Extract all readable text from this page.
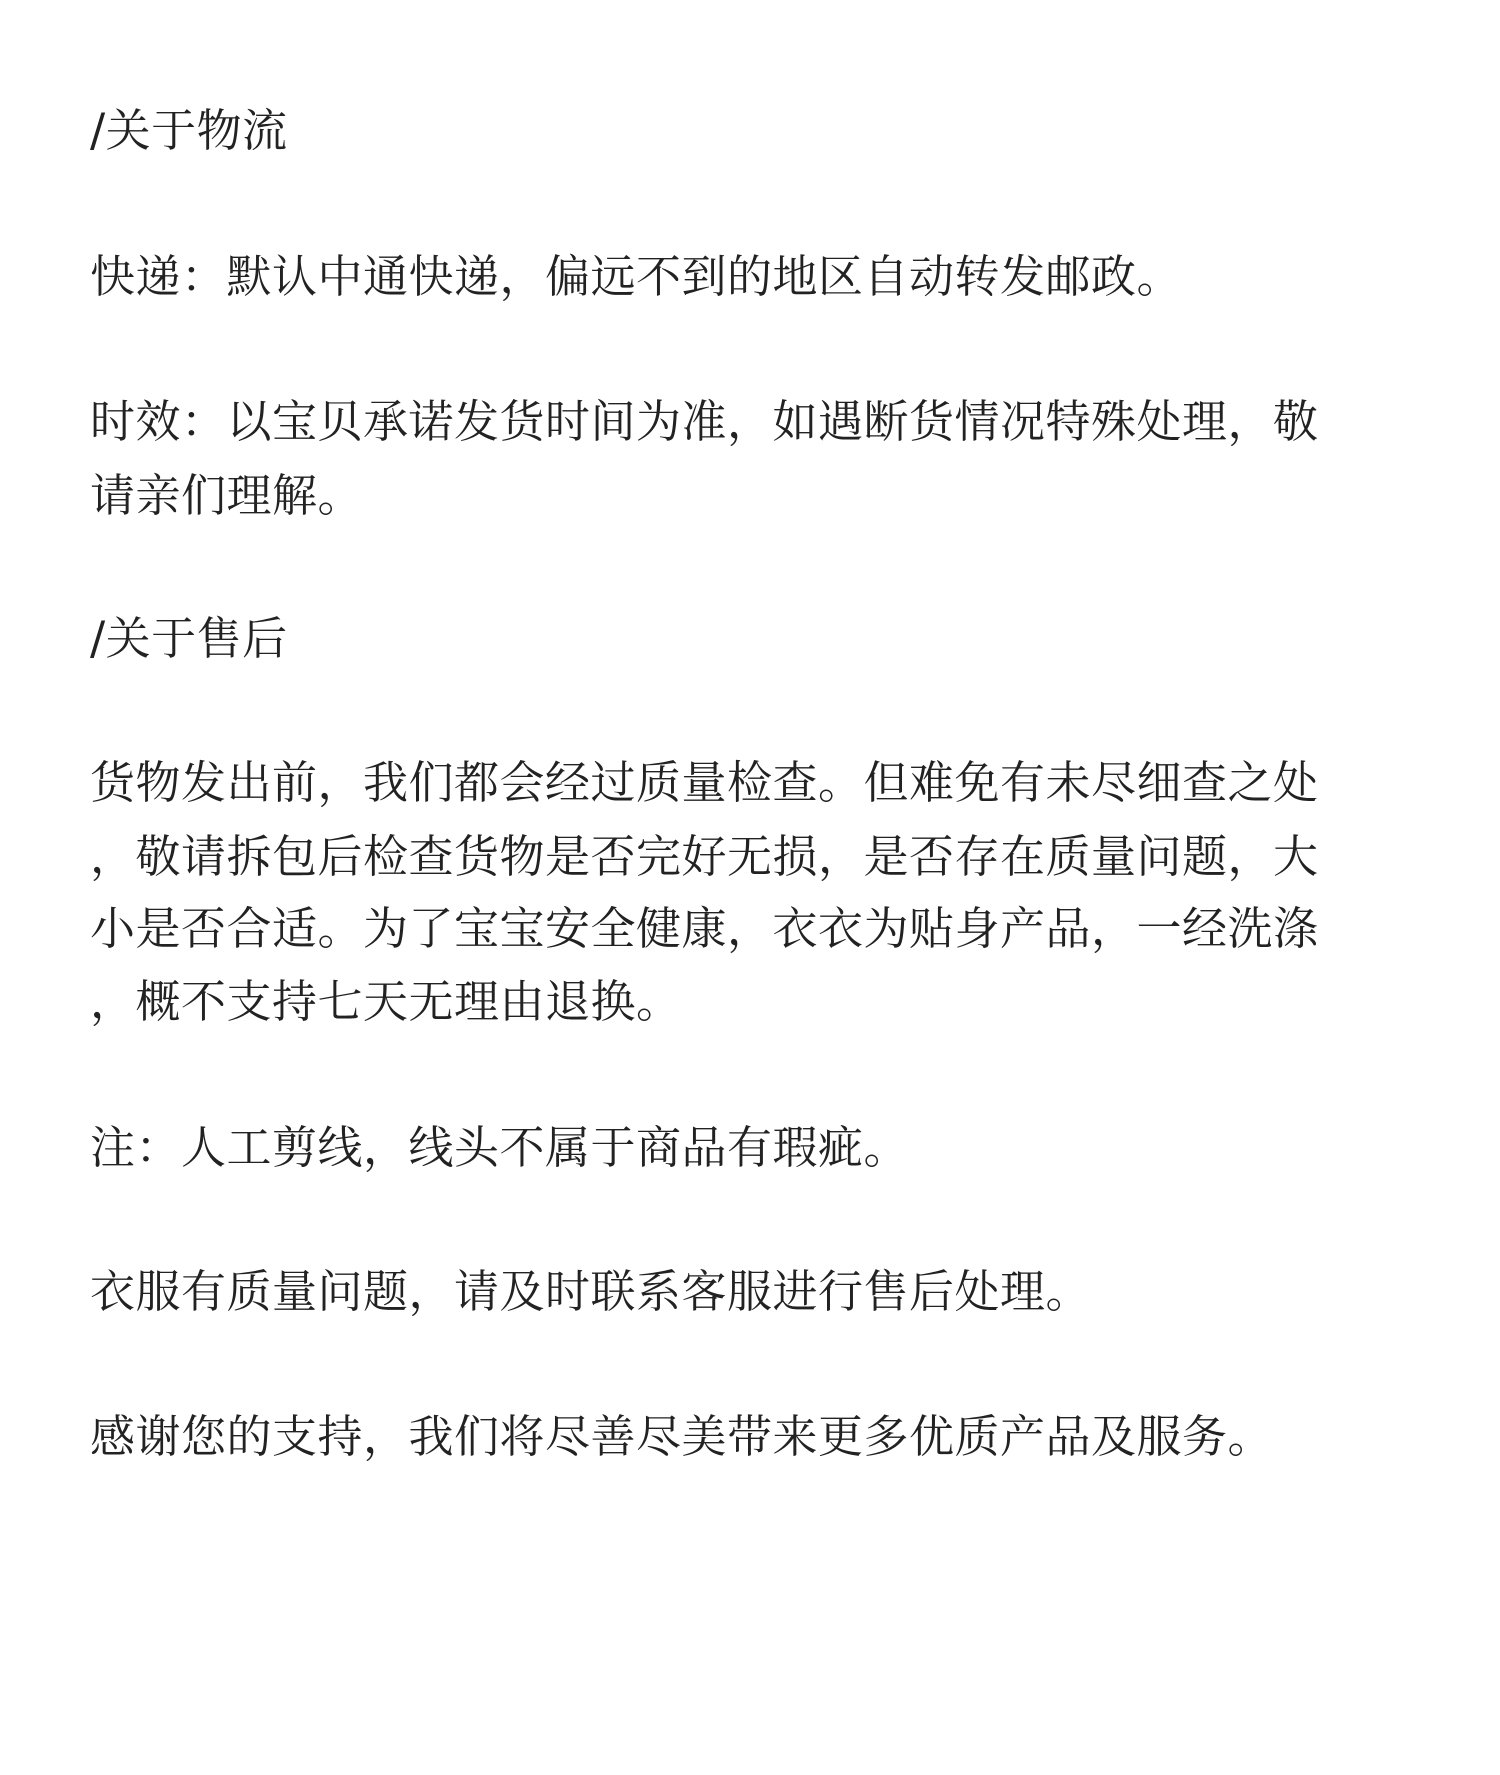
/关于物流

快递：默认中通快递，偏远不到的地区自动转发邮政。

时效：以宝贝承诺发货时间为准，如遇断货情况特殊处理，敬

请亲们理解。

/关于售后

货物发出前，我们都会经过质量检查。但难免有未尽细查之处

，敬请拆包后检查货物是否完好无损，是否存在质量问题，大

小是否合适。为了宝宝安全健康，衣衣为贴身产品，一经洗涤

，概不支持七天无理由退换。

注：人工剪线，线头不属于商品有瑕疵。

衣服有质量问题，请及时联系客服进行售后处理。

感谢您的支持，我们将尽善尽美带来更多优质产品及服务。
